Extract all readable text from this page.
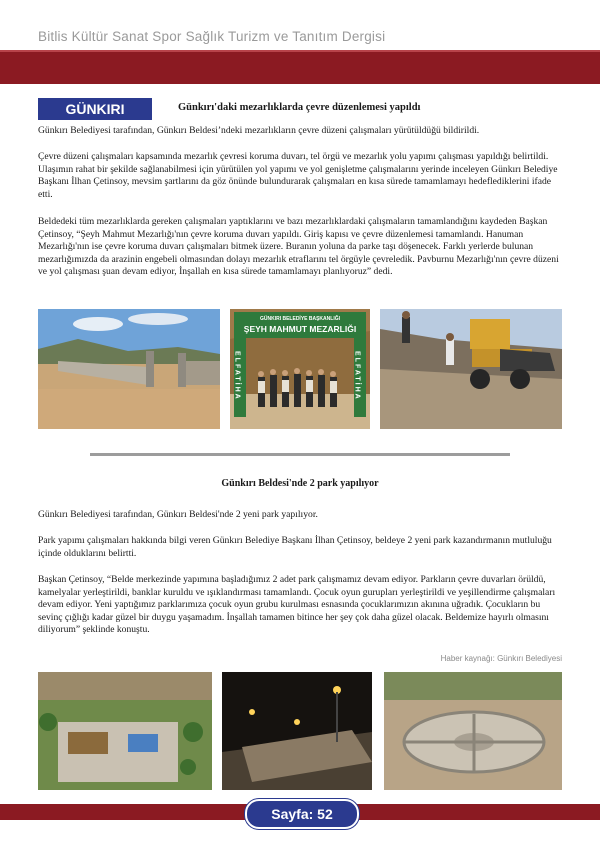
Bitlis Kültür Sanat Spor Sağlık Turizm ve Tanıtım Dergisi
GÜNKIRI	Günkırı'daki mezarlıklarda çevre düzenlemesi yapıldı

Günkırı Belediyesi tarafından, Günkırı Beldesi’ndeki mezarlıkların çevre düzeni çalışmaları yürütüldüğü bildirildi.

Çevre düzeni çalışmaları kapsamında mezarlık çevresi koruma duvarı, tel örgü ve mezarlık yolu yapımı çalışması yapıldığı belirtildi. Ulaşımın rahat bir şekilde sağlanabilmesi için yürütülen yol yapımı ve yol genişletme çalışmalarını yerinde inceleyen Günkırı Belediye Başkanı İlhan Çetinsoy, mevsim şartlarını da göz önünde bulundurarak çalışmaları en kısa sürede tamamlamayı hedeflediklerini ifade etti.

Beldedeki tüm mezarlıklarda gereken çalışmaları yaptıklarını ve bazı mezarlıklardaki çalışmaların tamamlandığını kaydeden Başkan Çetinsoy, “Şeyh Mahmut Mezarlığı'nın çevre koruma duvarı yapıldı. Giriş kapısı ve çevre düzenlemesi tamamlandı. Hanuman Mezarlığı'nın ise çevre koruma duvarı çalışmaları bitmek üzere. Buranın yoluna da parke taşı döşenecek. Farklı yerlerde bulunan mezarlığımızda da arazinin engebeli olmasından dolayı mezarlık etraflarını tel örgüyle çevreledik. Pavburnu Mezarlığı'nın çevre düzeni ve yol çalışması şuan devam ediyor, İnşallah en kısa sürede tamamlamayı planlıyoruz” dedi.

GÜNKIRI BELEDİYE BAŞKANLIĞI
ŞEYH MAHMUT MEZARLIĞI
ELFATİHA	ELFATİHA
Günkırı Beldesi'nde 2 park yapılıyor

Günkırı Belediyesi tarafından, Günkırı Beldesi'nde 2 yeni park yapılıyor.

Park yapımı çalışmaları hakkında bilgi veren Günkırı Belediye Başkanı İlhan Çetinsoy, beldeye 2 yeni park kazandırmanın mutluluğu içinde olduklarını belirtti.

Başkan Çetinsoy, “Belde merkezinde yapımına başladığımız 2 adet park çalışmamız devam ediyor. Parkların çevre duvarları örüldü, kamelyalar yerleştirildi, banklar kuruldu ve ışıklandırması tamamlandı. Çocuk oyun gurupları yerleştirildi ve yeşillendirme çalışmaları devam ediyor. Yeni yaptığımız parklarımıza çocuk oyun grubu kurulması esnasında çocuklarımızın akınına uğradık. Çocukların bu sevinç çığlığı kadar güzel bir duygu yaşamadım. İnşallah tamamen bitince her şey çok daha güzel olacak. Beldemize hayırlı olmasını diliyorum” şeklinde konuştu.

Haber kaynağı: Günkırı Belediyesi
Sayfa: 52
